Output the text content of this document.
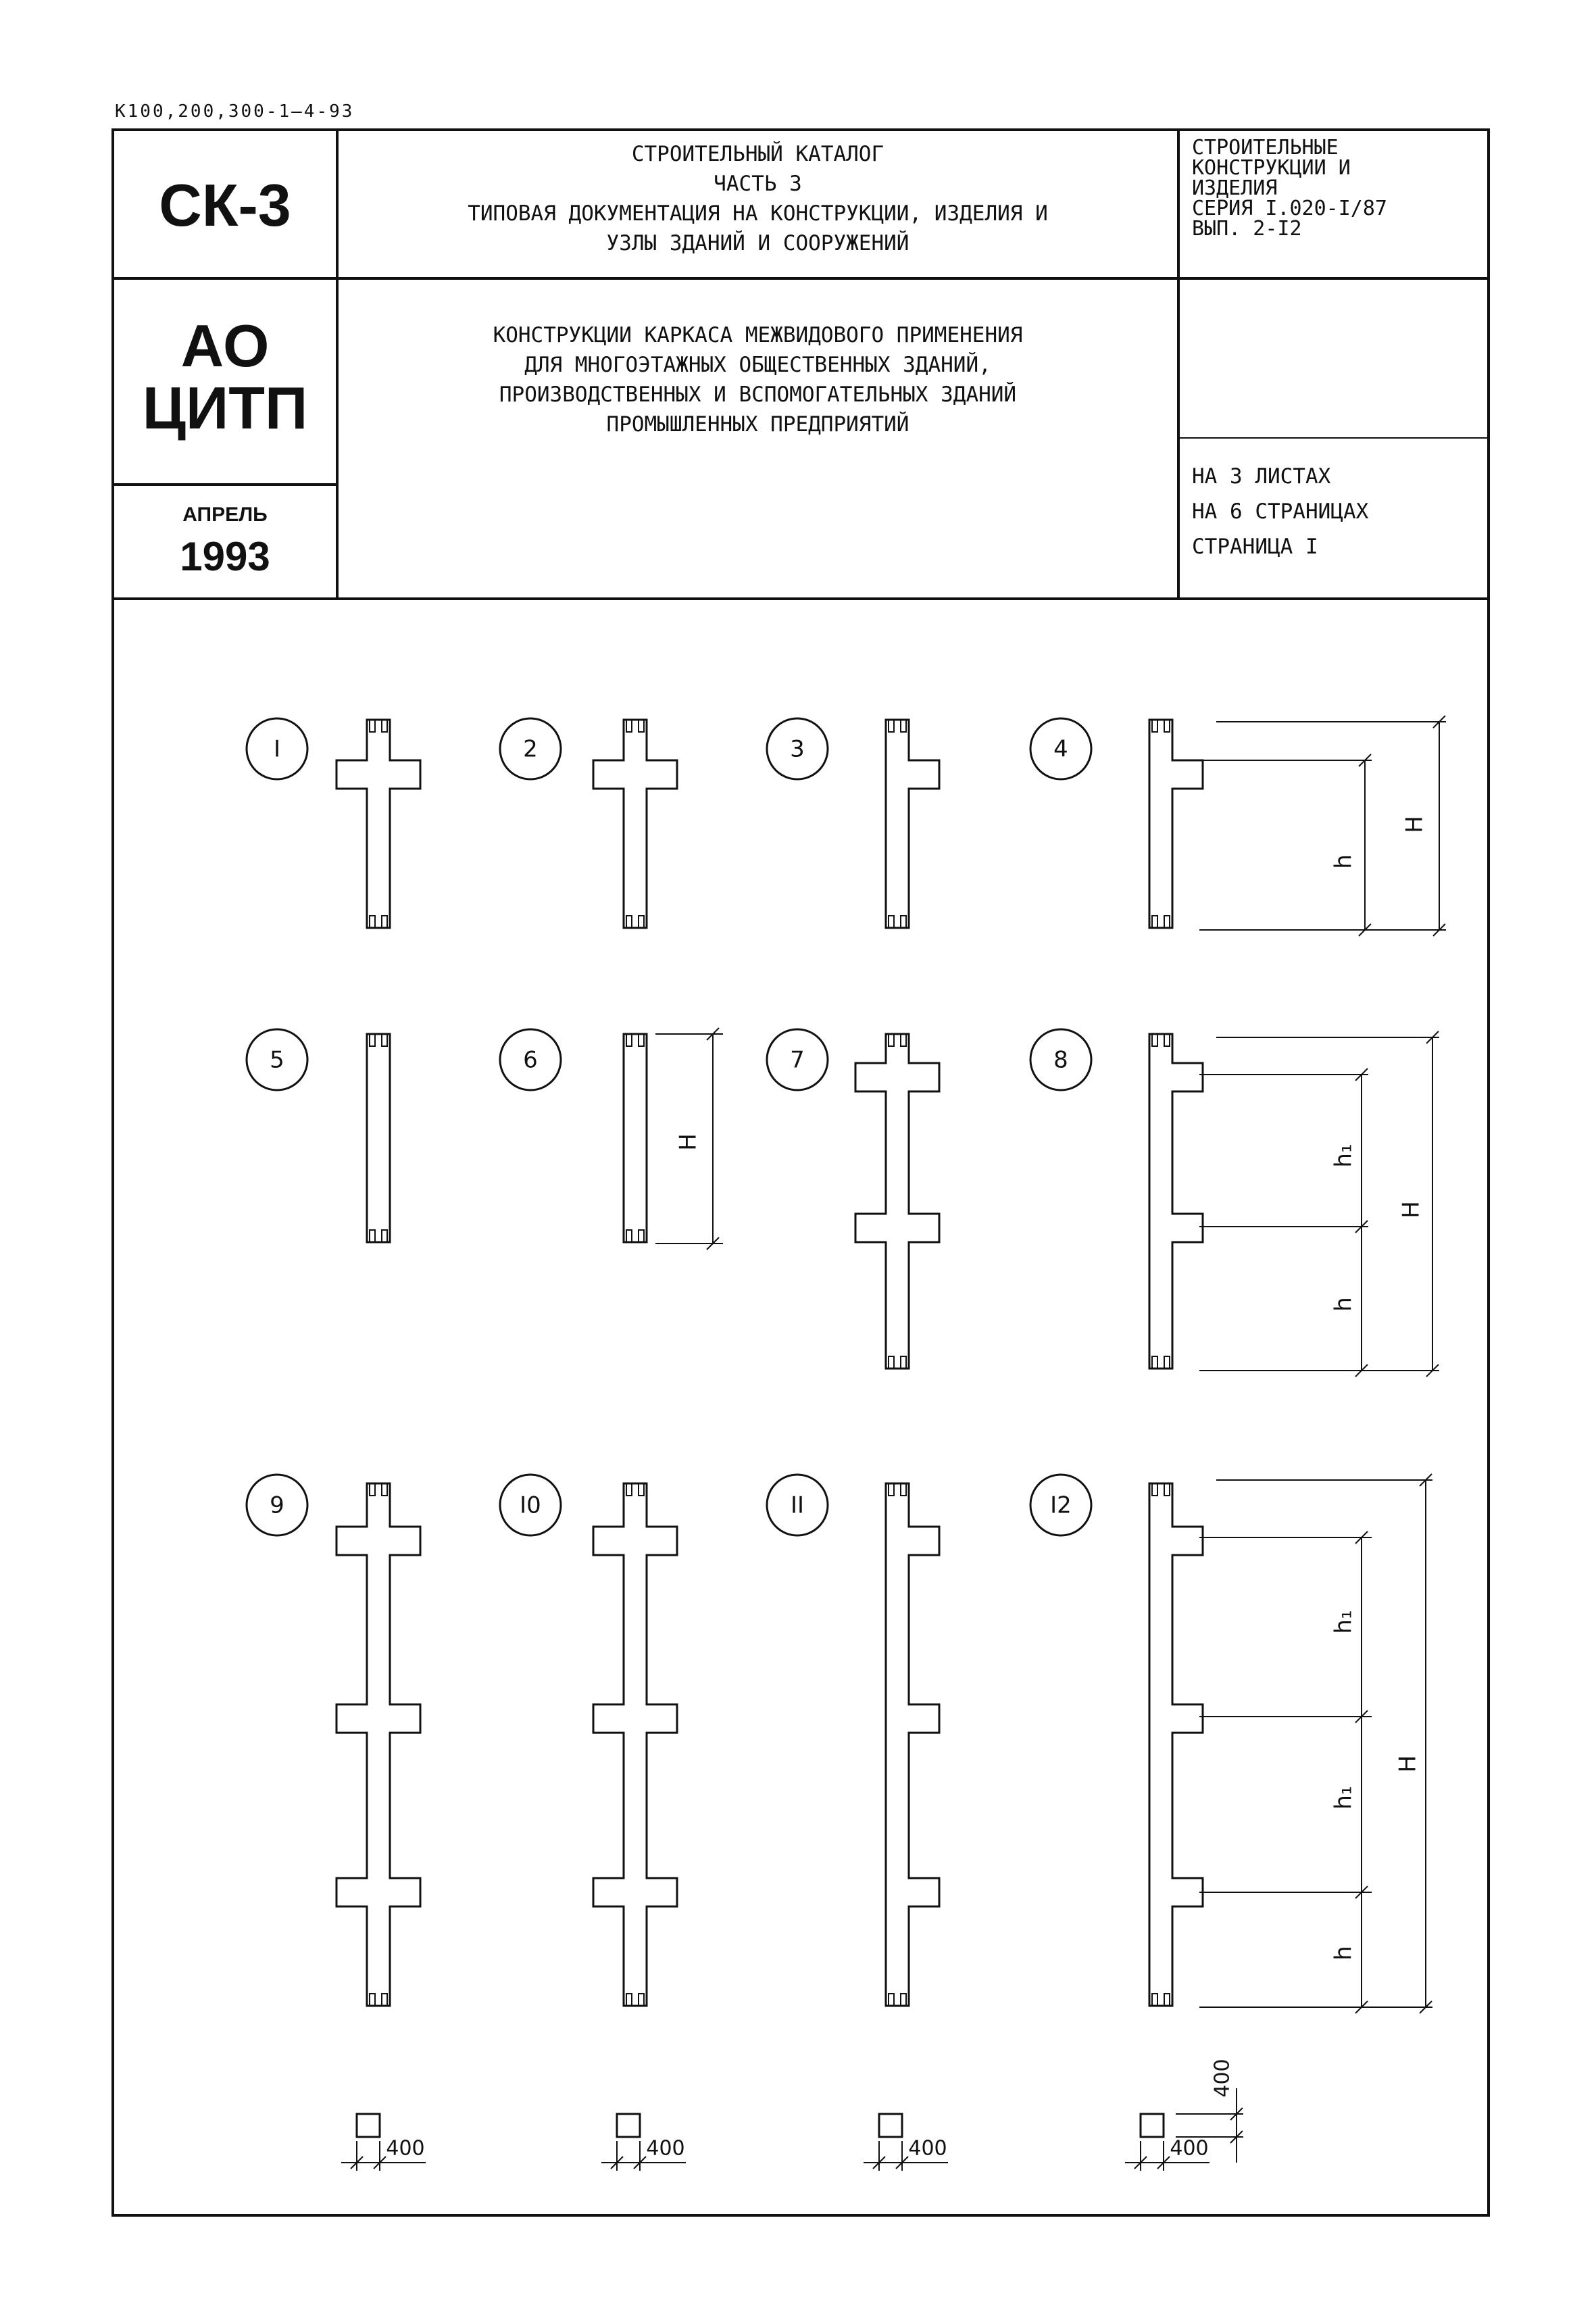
К100,200,300-1—4-93
СК-3
АО
ЦИТП
АПРЕЛЬ
1993
СТРОИТЕЛЬНЫЙ КАТАЛОГ
ЧАСТЬ 3
ТИПОВАЯ ДОКУМЕНТАЦИЯ НА КОНСТРУКЦИИ, ИЗДЕЛИЯ И
УЗЛЫ ЗДАНИЙ И СООРУЖЕНИЙ
КОНСТРУКЦИИ КАРКАСА МЕЖВИДОВОГО ПРИМЕНЕНИЯ
ДЛЯ МНОГОЭТАЖНЫХ ОБЩЕСТВЕННЫХ ЗДАНИЙ,
ПРОИЗВОДСТВЕННЫХ И ВСПОМОГАТЕЛЬНЫХ ЗДАНИЙ
ПРОМЫШЛЕННЫХ ПРЕДПРИЯТИЙ
СТРОИТЕЛЬНЫЕ
КОНСТРУКЦИИ И
ИЗДЕЛИЯ
СЕРИЯ I.020-I/87
ВЫП. 2-I2
НА 3 ЛИСТАХ
НА 6 СТРАНИЦАХ
СТРАНИЦА I
I	2	3	4
5	6	7	8
9	I0	II	I2
h
H
H
h₁
h
H
h₁
h₁
h
H
400	400	400	400
400
